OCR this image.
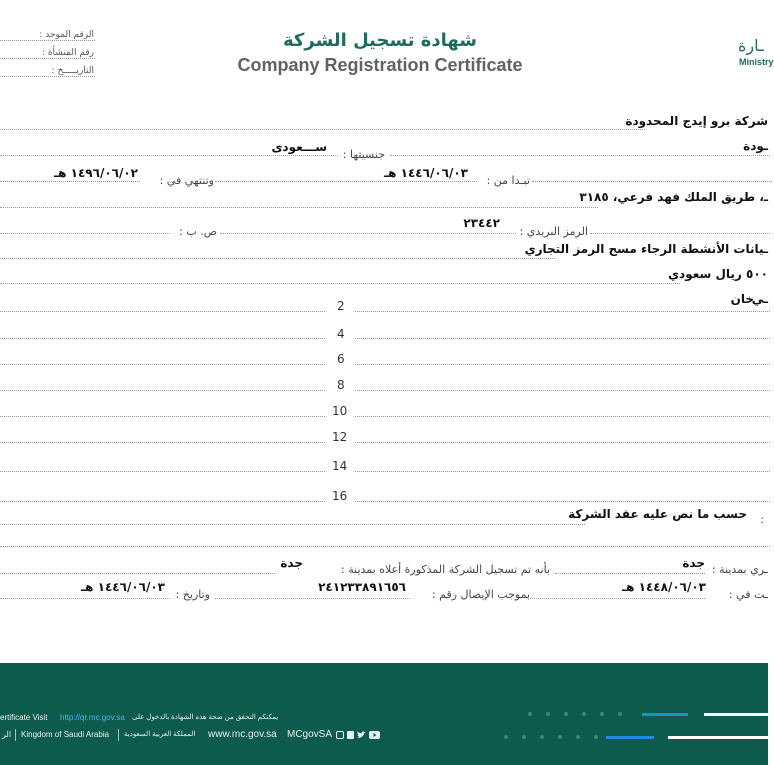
الرقم الموحد :
رقم المنشأة :
التاريـــــخ :
شهادة تسجيل الشركة
Company Registration Certificate
ـارة
Ministry
شركة برو إيدج المحدودة
ـودة
جنسيتها :
ســـعودى
تبـدا من :
١٤٤٦/٠٦/٠٣ هـ
وتنتهي في :
١٤٩٦/٠٦/٠٢ هـ
ـ، طريق الملك فهد فرعي، ٣١٨٥
الرمز البريدي :
٢٣٤٤٢
ص. ب :
ـيانات الأنشطة الرجاء مسح الرمز التجاري
٥٠٠ ريال سعودي
ـي
خان
2
4
6
8
10
12
14
16
حسب ما نص عليه عقد الشركة :
ـري بمدينة :
جدة
بأنه تم تسجيل الشركة المذكورة أعلاه بمدينة :
جدة
ـت في :
١٤٤٨/٠٦/٠٣ هـ
بموجب الإيصال رقم :
٢٤١٢٣٣٨٩١٦٥٦
وتاريخ :
١٤٤٦/٠٦/٠٣ هـ
ertificate Visit http://qr.mc.gov.sa يمكنكم التحقق من صحة هذه الشهادة بالدخول على
الر Kingdom of Saudi Arabia المملكة العربية السعودية www.mc.gov.sa MCgovSA
